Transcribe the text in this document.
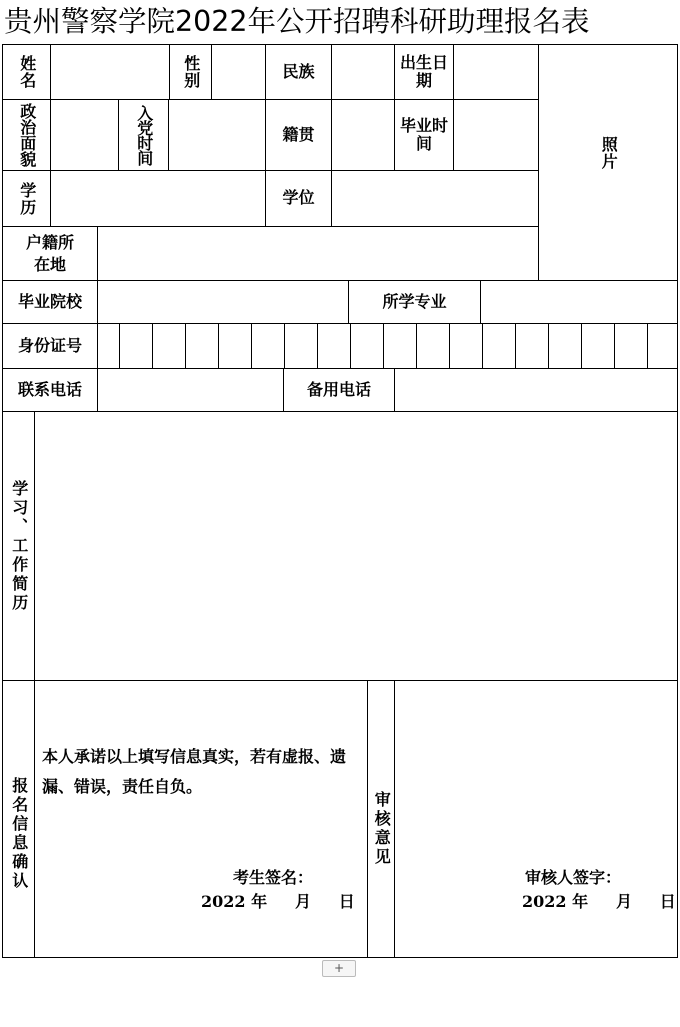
贵州警察学院2022年公开招聘科研助理报名表
姓名	性别	民族	出生日期
照片
政治面貌	入党时间	籍贯	毕业时间
学历	学位
户籍所在地
毕业院校	所学专业
身份证号
联系电话	备用电话
学习、工作简历
报名信息确认
本人承诺以上填写信息真实，若有虚报、遗漏、错误，责任自负。
考生签名：
2022 年     月     日
审核意见
审核人签字：
2022 年     月     日
+
